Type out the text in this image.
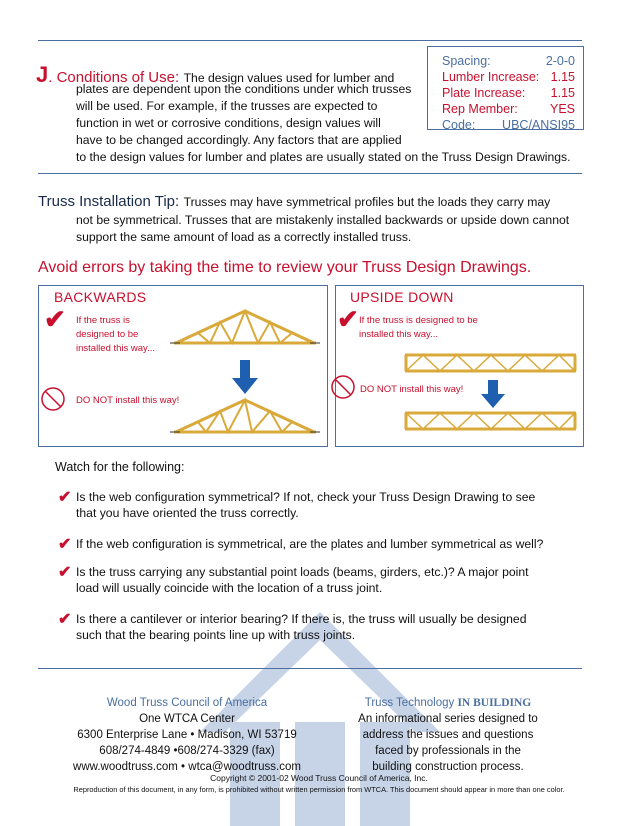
J. Conditions of Use: The design values used for lumber and
plates are dependent upon the conditions under which trusses
will be used. For example, if the trusses are expected to
function in wet or corrosive conditions, design values will
have to be changed accordingly. Any factors that are applied
to the design values for lumber and plates are usually stated on the Truss Design Drawings.
Spacing:	2-0-0
Lumber Increase: 1.15
Plate Increase: 1.15
Rep Member:	YES
Code: UBC/ANSI95
Truss Installation Tip: Trusses may have symmetrical profiles but the loads they carry may
not be symmetrical. Trusses that are mistakenly installed backwards or upside down cannot
support the same amount of load as a correctly installed truss.
Avoid errors by taking the time to review your Truss Design Drawings.
BACKWARDS
✔ If the truss is
designed to be
installed this way...
DO NOT install this way!
UPSIDE DOWN
✔ If the truss is designed to be
installed this way...
DO NOT install this way!
Watch for the following:
✔ Is the web configuration symmetrical? If not, check your Truss Design Drawing to see
that you have oriented the truss correctly.
✔ If the web configuration is symmetrical, are the plates and lumber symmetrical as well?
✔ Is the truss carrying any substantial point loads (beams, girders, etc.)? A major point
load will usually coincide with the location of a truss joint.
✔ Is there a cantilever or interior bearing? If there is, the truss will usually be designed
such that the bearing points line up with truss joints.
Wood Truss Council of America
One WTCA Center
6300 Enterprise Lane • Madison, WI 53719
608/274-4849 •608/274-3329 (fax)
www.woodtruss.com • wtca@woodtruss.com
Truss Technology IN BUILDING
An informational series designed to
address the issues and questions
faced by professionals in the
building construction process.
Copyright © 2001-02 Wood Truss Council of America, Inc.
Reproduction of this document, in any form, is prohibited without written permission from WTCA. This document should appear in more than one color.
